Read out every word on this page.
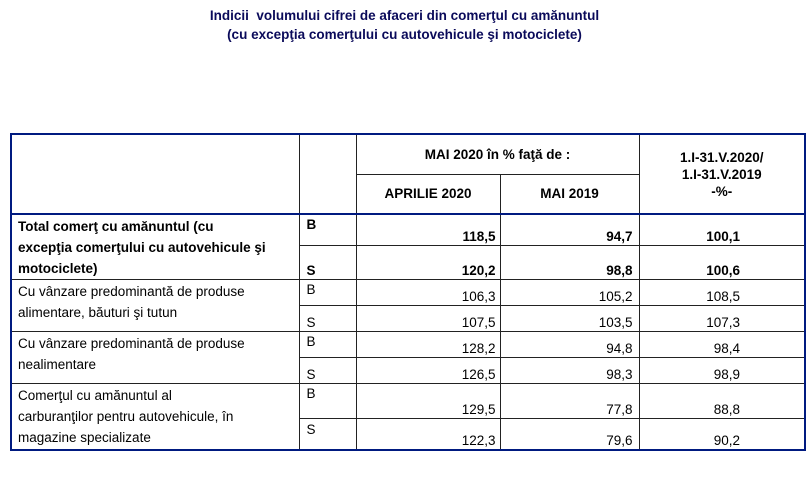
Indicii  volumului cifrei de afaceri din comerţul cu amănuntul
(cu excepţia comerţului cu autovehicule şi motociclete)
		MAI 2020 în % faţă de :		1.I-31.V.2020/
1.I-31.V.2019
-%-

		APRILIE 2020	MAI 2019	

Total comerţ cu amănuntul (cu
excepţia comerţului cu autovehicule şi
motociclete)	B	118,5	94,7	100,1
	S	120,2	98,8	100,6

Cu vânzare predominantă de produse
alimentare, băuturi şi tutun	B	106,3	105,2	108,5
	S	107,5	103,5	107,3

Cu vânzare predominantă de produse
nealimentare	B	128,2	94,8	98,4
	S	126,5	98,3	98,9

Comerţul cu amănuntul al
carburanţilor pentru autovehicule, în
magazine specializate	B	129,5	77,8	88,8
	S	122,3	79,6	90,2
